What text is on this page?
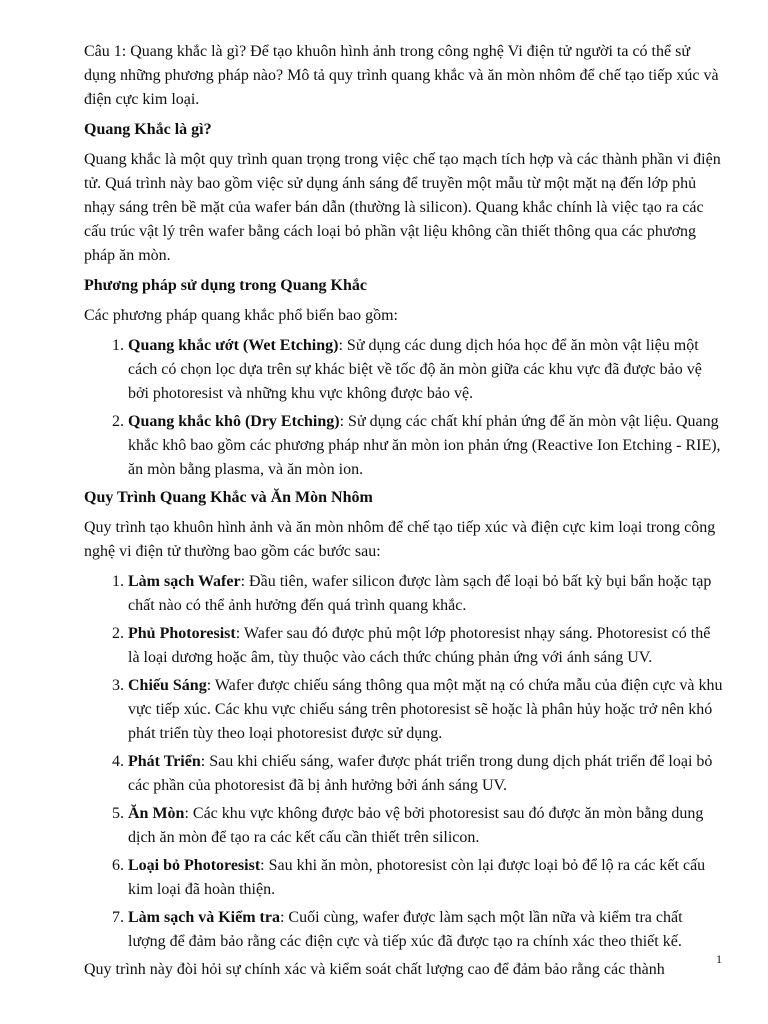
Câu 1: Quang khắc là gì? Để tạo khuôn hình ảnh trong công nghệ Vi điện tử người ta có thể sử dụng những phương pháp nào? Mô tả quy trình quang khắc và ăn mòn nhôm để chế tạo tiếp xúc và điện cực kim loại.

Quang Khắc là gì?

Quang khắc là một quy trình quan trọng trong việc chế tạo mạch tích hợp và các thành phần vi điện tử. Quá trình này bao gồm việc sử dụng ánh sáng để truyền một mẫu từ một mặt nạ đến lớp phủ nhạy sáng trên bề mặt của wafer bán dẫn (thường là silicon). Quang khắc chính là việc tạo ra các cấu trúc vật lý trên wafer bằng cách loại bỏ phần vật liệu không cần thiết thông qua các phương pháp ăn mòn.

Phương pháp sử dụng trong Quang Khắc

Các phương pháp quang khắc phổ biến bao gồm:

1. Quang khắc ướt (Wet Etching): Sử dụng các dung dịch hóa học để ăn mòn vật liệu một cách có chọn lọc dựa trên sự khác biệt về tốc độ ăn mòn giữa các khu vực đã được bảo vệ bởi photoresist và những khu vực không được bảo vệ.
2. Quang khắc khô (Dry Etching): Sử dụng các chất khí phản ứng để ăn mòn vật liệu. Quang khắc khô bao gồm các phương pháp như ăn mòn ion phản ứng (Reactive Ion Etching - RIE), ăn mòn bằng plasma, và ăn mòn ion.

Quy Trình Quang Khắc và Ăn Mòn Nhôm

Quy trình tạo khuôn hình ảnh và ăn mòn nhôm để chế tạo tiếp xúc và điện cực kim loại trong công nghệ vi điện tử thường bao gồm các bước sau:

1. Làm sạch Wafer: Đầu tiên, wafer silicon được làm sạch để loại bỏ bất kỳ bụi bẩn hoặc tạp chất nào có thể ảnh hưởng đến quá trình quang khắc.
2. Phủ Photoresist: Wafer sau đó được phủ một lớp photoresist nhạy sáng. Photoresist có thể là loại dương hoặc âm, tùy thuộc vào cách thức chúng phản ứng với ánh sáng UV.
3. Chiếu Sáng: Wafer được chiếu sáng thông qua một mặt nạ có chứa mẫu của điện cực và khu vực tiếp xúc. Các khu vực chiếu sáng trên photoresist sẽ hoặc là phân hủy hoặc trở nên khó phát triển tùy theo loại photoresist được sử dụng.
4. Phát Triển: Sau khi chiếu sáng, wafer được phát triển trong dung dịch phát triển để loại bỏ các phần của photoresist đã bị ảnh hưởng bởi ánh sáng UV.
5. Ăn Mòn: Các khu vực không được bảo vệ bởi photoresist sau đó được ăn mòn bằng dung dịch ăn mòn để tạo ra các kết cấu cần thiết trên silicon.
6. Loại bỏ Photoresist: Sau khi ăn mòn, photoresist còn lại được loại bỏ để lộ ra các kết cấu kim loại đã hoàn thiện.
7. Làm sạch và Kiểm tra: Cuối cùng, wafer được làm sạch một lần nữa và kiểm tra chất lượng để đảm bảo rằng các điện cực và tiếp xúc đã được tạo ra chính xác theo thiết kế.

Quy trình này đòi hỏi sự chính xác và kiểm soát chất lượng cao để đảm bảo rằng các thành

1
